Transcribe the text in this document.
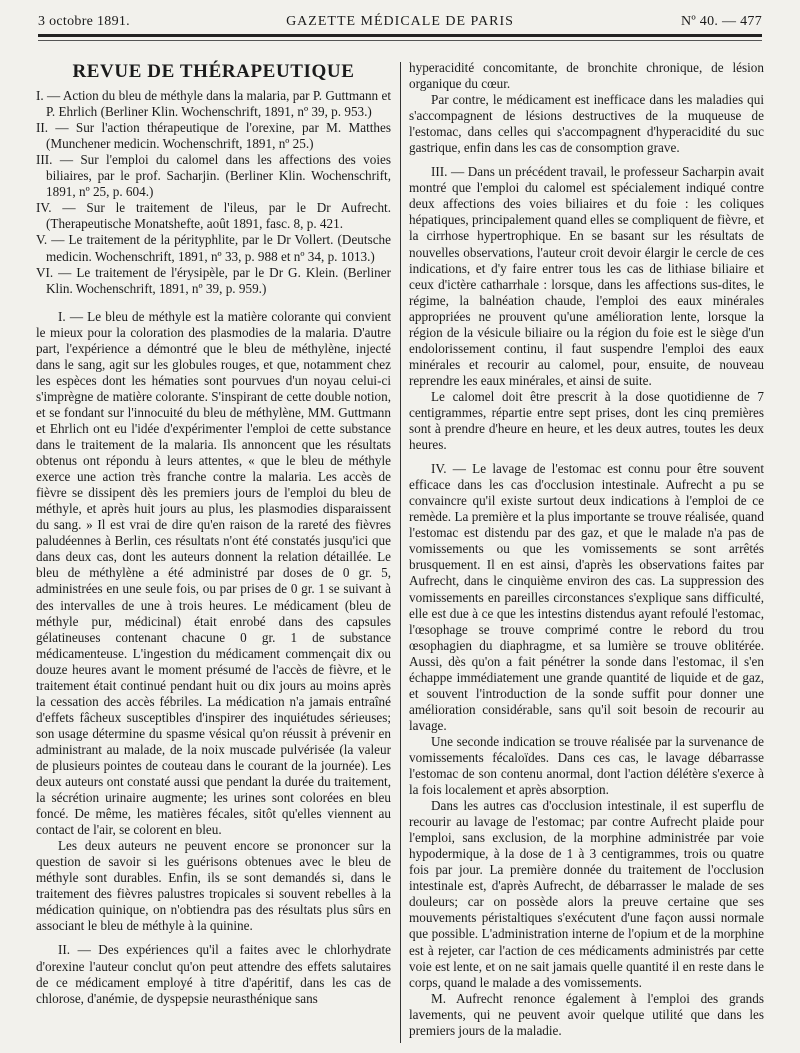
3 octobre 1891.	GAZETTE MÉDICALE DE PARIS	Nº 40. — 477
REVUE DE THÉRAPEUTIQUE

I. — Action du bleu de méthyle dans la malaria, par P. Guttmann et P. Ehrlich (Berliner Klin. Wochenschrift, 1891, nº 39, p. 953.)

II. — Sur l'action thérapeutique de l'orexine, par M. Matthes (Munchener medicin. Wochenschrift, 1891, nº 25.)

III. — Sur l'emploi du calomel dans les affections des voies biliaires, par le prof. Sacharjin. (Berliner Klin. Wochenschrift, 1891, nº 25, p. 604.)

IV. — Sur le traitement de l'ileus, par le Dr Aufrecht. (Therapeutische Monatshefte, août 1891, fasc. 8, p. 421.

V. — Le traitement de la pérityphlite, par le Dr Vollert. (Deutsche medicin. Wochenschrift, 1891, nº 33, p. 988 et nº 34, p. 1013.)

VI. — Le traitement de l'érysipèle, par le Dr G. Klein. (Berliner Klin. Wochenschrift, 1891, nº 39, p. 959.)

I. — Le bleu de méthyle est la matière colorante qui convient le mieux pour la coloration des plasmodies de la malaria. D'autre part, l'expérience a démontré que le bleu de méthylène, injecté dans le sang, agit sur les globules rouges, et que, notamment chez les espèces dont les hématies sont pourvues d'un noyau celui-ci s'imprègne de matière colorante. S'inspirant de cette double notion, et se fondant sur l'innocuité du bleu de méthylène, MM. Guttmann et Ehrlich ont eu l'idée d'expérimenter l'emploi de cette substance dans le traitement de la malaria. Ils annoncent que les résultats obtenus ont répondu à leurs attentes, « que le bleu de méthyle exerce une action très franche contre la malaria. Les accès de fièvre se dissipent dès les premiers jours de l'emploi du bleu de méthyle, et après huit jours au plus, les plasmodies disparaissent du sang. » Il est vrai de dire qu'en raison de la rareté des fièvres paludéennes à Berlin, ces résultats n'ont été constatés jusqu'ici que dans deux cas, dont les auteurs donnent la relation détaillée. Le bleu de méthylène a été administré par doses de 0 gr. 5, administrées en une seule fois, ou par prises de 0 gr. 1 se suivant à des intervalles de une à trois heures. Le médicament (bleu de méthyle pur, médicinal) était enrobé dans des capsules gélatineuses contenant chacune 0 gr. 1 de substance médicamenteuse. L'ingestion du médicament commençait dix ou douze heures avant le moment présumé de l'accès de fièvre, et le traitement était continué pendant huit ou dix jours au moins après la cessation des accès fébriles. La médication n'a jamais entraîné d'effets fâcheux susceptibles d'inspirer des inquiétudes sérieuses; son usage détermine du spasme vésical qu'on réussit à prévenir en administrant au malade, de la noix muscade pulvérisée (la valeur de plusieurs pointes de couteau dans le courant de la journée). Les deux auteurs ont constaté aussi que pendant la durée du traitement, la sécrétion urinaire augmente; les urines sont colorées en bleu foncé. De même, les matières fécales, sitôt qu'elles viennent au contact de l'air, se colorent en bleu.

Les deux auteurs ne peuvent encore se prononcer sur la question de savoir si les guérisons obtenues avec le bleu de méthyle sont durables. Enfin, ils se sont demandés si, dans le traitement des fièvres palustres tropicales si souvent rebelles à la médication quinique, on n'obtiendra pas des résultats plus sûrs en associant le bleu de méthyle à la quinine.

II. — Des expériences qu'il a faites avec le chlorhydrate d'orexine l'auteur conclut qu'on peut attendre des effets salutaires de ce médicament employé à titre d'apéritif, dans les cas de chlorose, d'anémie, de dyspepsie neurasthénique sans

hyperacidité concomitante, de bronchite chronique, de lésion organique du cœur.

Par contre, le médicament est inefficace dans les maladies qui s'accompagnent de lésions destructives de la muqueuse de l'estomac, dans celles qui s'accompagnent d'hyperacidité du suc gastrique, enfin dans les cas de consomption grave.

III. — Dans un précédent travail, le professeur Sacharpin avait montré que l'emploi du calomel est spécialement indiqué contre deux affections des voies biliaires et du foie : les coliques hépatiques, principalement quand elles se compliquent de fièvre, et la cirrhose hypertrophique. En se basant sur les résultats de nouvelles observations, l'auteur croit devoir élargir le cercle de ces indications, et d'y faire entrer tous les cas de lithiase biliaire et ceux d'ictère catharrhale : lorsque, dans les affections sus-dites, le régime, la balnéation chaude, l'emploi des eaux minérales appropriées ne prouvent qu'une amélioration lente, lorsque la région de la vésicule biliaire ou la région du foie est le siège d'un endolorissement continu, il faut suspendre l'emploi des eaux minérales et recourir au calomel, pour, ensuite, de nouveau reprendre les eaux minérales, et ainsi de suite.

Le calomel doit être prescrit à la dose quotidienne de 7 centigrammes, répartie entre sept prises, dont les cinq premières sont à prendre d'heure en heure, et les deux autres, toutes les deux heures.

IV. — Le lavage de l'estomac est connu pour être souvent efficace dans les cas d'occlusion intestinale. Aufrecht a pu se convaincre qu'il existe surtout deux indications à l'emploi de ce remède. La première et la plus importante se trouve réalisée, quand l'estomac est distendu par des gaz, et que le malade n'a pas de vomissements ou que les vomissements se sont arrêtés brusquement. Il en est ainsi, d'après les observations faites par Aufrecht, dans le cinquième environ des cas. La suppression des vomissements en pareilles circonstances s'explique sans difficulté, elle est due à ce que les intestins distendus ayant refoulé l'estomac, l'œsophage se trouve comprimé contre le rebord du trou œsophagien du diaphragme, et sa lumière se trouve oblitérée. Aussi, dès qu'on a fait pénétrer la sonde dans l'estomac, il s'en échappe immédiatement une grande quantité de liquide et de gaz, et souvent l'introduction de la sonde suffit pour donner une amélioration considérable, sans qu'il soit besoin de recourir au lavage.

Une seconde indication se trouve réalisée par la survenance de vomissements fécaloïdes. Dans ces cas, le lavage débarrasse l'estomac de son contenu anormal, dont l'action délétère s'exerce à la fois localement et après absorption.

Dans les autres cas d'occlusion intestinale, il est superflu de recourir au lavage de l'estomac; par contre Aufrecht plaide pour l'emploi, sans exclusion, de la morphine administrée par voie hypodermique, à la dose de 1 à 3 centigrammes, trois ou quatre fois par jour. La première donnée du traitement de l'occlusion intestinale est, d'après Aufrecht, de débarrasser le malade de ses douleurs; car on possède alors la preuve certaine que ses mouvements péristaltiques s'exécutent d'une façon aussi normale que possible. L'administration interne de l'opium et de la morphine est à rejeter, car l'action de ces médicaments administrés par cette voie est lente, et on ne sait jamais quelle quantité il en reste dans le corps, quand le malade a des vomissements.

M. Aufrecht renonce également à l'emploi des grands lavements, qui ne peuvent avoir quelque utilité que dans les premiers jours de la maladie.
